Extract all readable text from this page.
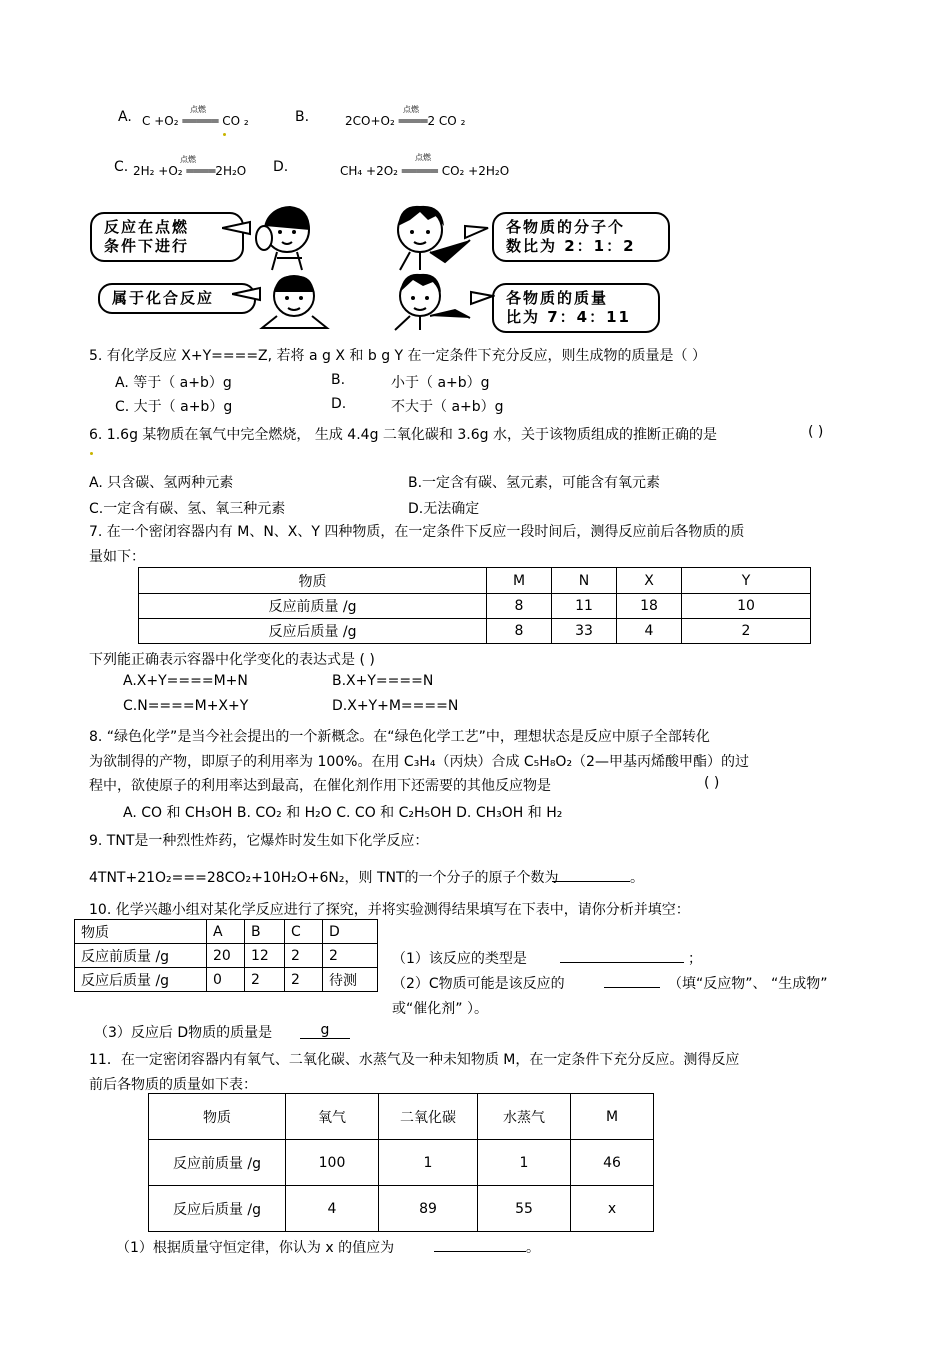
A.	点燃
C +O₂ ═════ CO ₂	B.	点燃
2CO+O₂ ════2 CO ₂
C.	点燃
2H₂ +O₂ ════2H₂O D.
点燃
CH₄ +2O₂ ═════ CO₂ +2H₂O
反应在点燃
条件下进行
各物质的分子个
数比为 2：1：2
属于化合反应	各物质的质量
比为 7：4：11
5. 有化学反应 X+Y====Z, 若将 a g X 和 b g Y 在一定条件下充分反应，则生成物的质量是（ ）
A. 等于（ a+b）g	B.	小于（ a+b）g
C. 大于（ a+b）g	D.	不大于（ a+b）g
6. 1.6g 某物质在氧气中完全燃烧， 生成 4.4g 二氧化碳和 3.6g 水，关于该物质组成的推断正确的是	( )
A. 只含碳、氢两种元素	B.一定含有碳、氢元素，可能含有氧元素
C.一定含有碳、氢、氧三种元素	D.无法确定
7. 在一个密闭容器内有 M、N、X、Y 四种物质，在一定条件下反应一段时间后，测得反应前后各物质的质
量如下：
物质	M	N	X	Y
反应前质量 /g	8	11	18	10
反应后质量 /g	8	33	4	2
下列能正确表示容器中化学变化的表达式是 ( )
A.X+Y====M+N	B.X+Y====N
C.N====M+X+Y	D.X+Y+M====N
8. “绿色化学”是当今社会提出的一个新概念。在“绿色化学工艺”中，理想状态是反应中原子全部转化
为欲制得的产物，即原子的利用率为 100%。在用 C₃H₄（丙炔）合成 C₅H₈O₂（2—甲基丙烯酸甲酯）的过
程中，欲使原子的利用率达到最高，在催化剂作用下还需要的其他反应物是	( )
A. CO 和 CH₃OH B. CO₂ 和 H₂O C. CO 和 C₂H₅OH D. CH₃OH 和 H₂
9. TNT是一种烈性炸药，它爆炸时发生如下化学反应：
4TNT+21O₂===28CO₂+10H₂O+6N₂，则 TNT的一个分子的原子个数为	。
10. 化学兴趣小组对某化学反应进行了探究，并将实验测得结果填写在下表中，请你分析并填空：
物质	A	B	C	D
反应前质量 /g	20	12	2	2
反应后质量 /g	0	2	2	待测
（1）该反应的类型是	；
（2）C物质可能是该反应的	（填“反应物”、 “生成物”
或“催化剂” ）。
（3）反应后 D物质的质量是	g
11．在一定密闭容器内有氧气、二氧化碳、水蒸气及一种未知物质 M，在一定条件下充分反应。测得反应
前后各物质的质量如下表：
物质	氧气	二氧化碳	水蒸气	M
反应前质量 /g	100	1	1	46
反应后质量 /g	4	89	55	x
（1）根据质量守恒定律，你认为 x 的值应为	。
